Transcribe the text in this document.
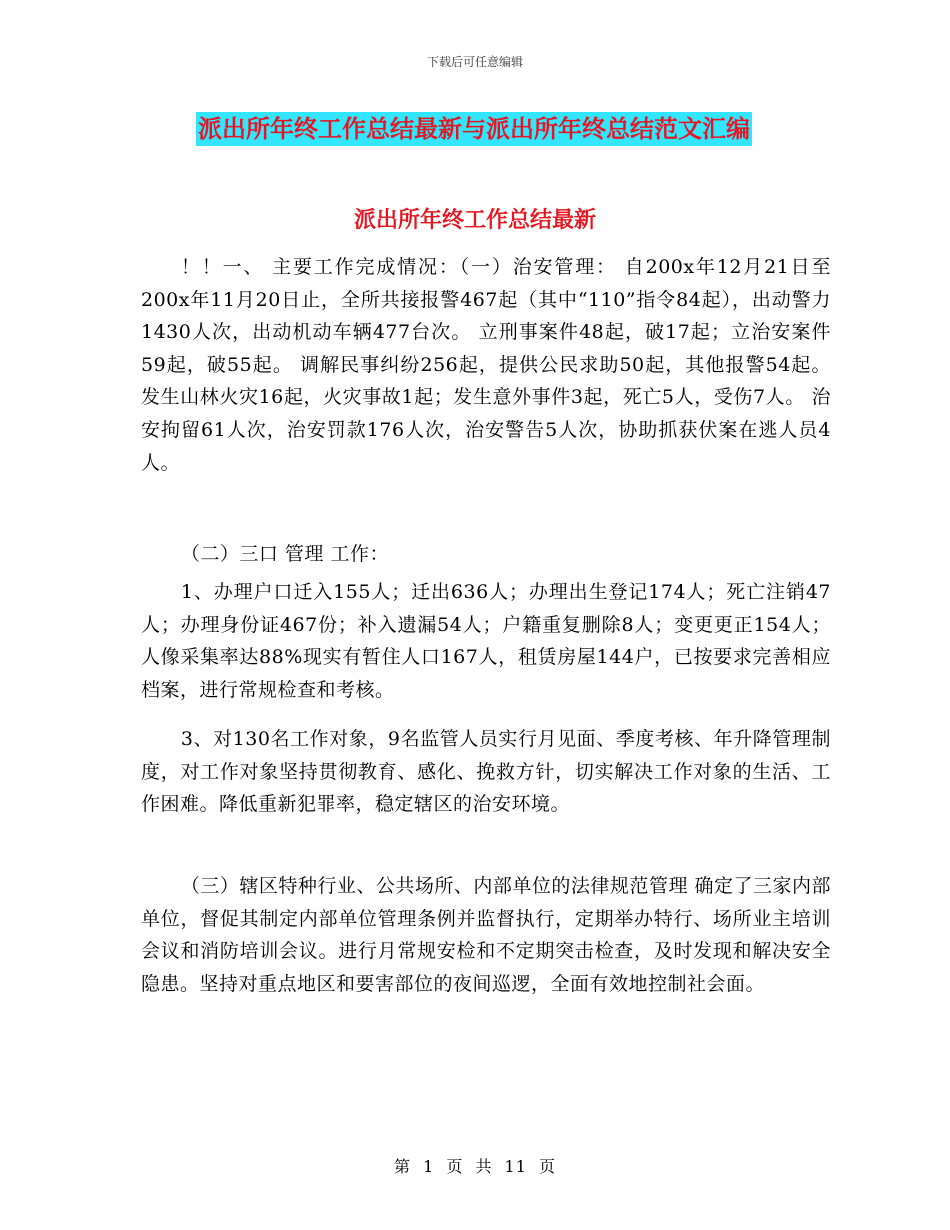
下载后可任意编辑
派出所年终工作总结最新与派出所年终总结范文汇编
派出所年终工作总结最新

！！一、 主要工作完成情况：（一）治安管理： 自200x年12月21日至200x年11月20日止，全所共接报警467起（其中“110”指令84起），出动警力1430人次，出动机动车辆477台次。 立刑事案件48起，破17起；立治安案件59起，破55起。 调解民事纠纷256起，提供公民求助50起，其他报警54起。 发生山林火灾16起，火灾事故1起；发生意外事件3起，死亡5人，受伤7人。 治安拘留61人次，治安罚款176人次，治安警告5人次，协助抓获伏案在逃人员4人。

（二）三口 管理 工作：

1、办理户口迁入155人；迁出636人；办理出生登记174人；死亡注销47人；办理身份证467份；补入遗漏54人；户籍重复删除8人；变更更正154人；人像采集率达88%现实有暂住人口167人，租赁房屋144户，已按要求完善相应档案，进行常规检查和考核。

3、对130名工作对象，9名监管人员实行月见面、季度考核、年升降管理制度，对工作对象坚持贯彻教育、感化、挽救方针，切实解决工作对象的生活、工作困难。降低重新犯罪率，稳定辖区的治安环境。

（三）辖区特种行业、公共场所、内部单位的法律规范管理 确定了三家内部单位，督促其制定内部单位管理条例并监督执行，定期举办特行、场所业主培训会议和消防培训会议。进行月常规安检和不定期突击检查，及时发现和解决安全隐患。坚持对重点地区和要害部位的夜间巡逻，全面有效地控制社会面。

第 1 页 共 11 页
